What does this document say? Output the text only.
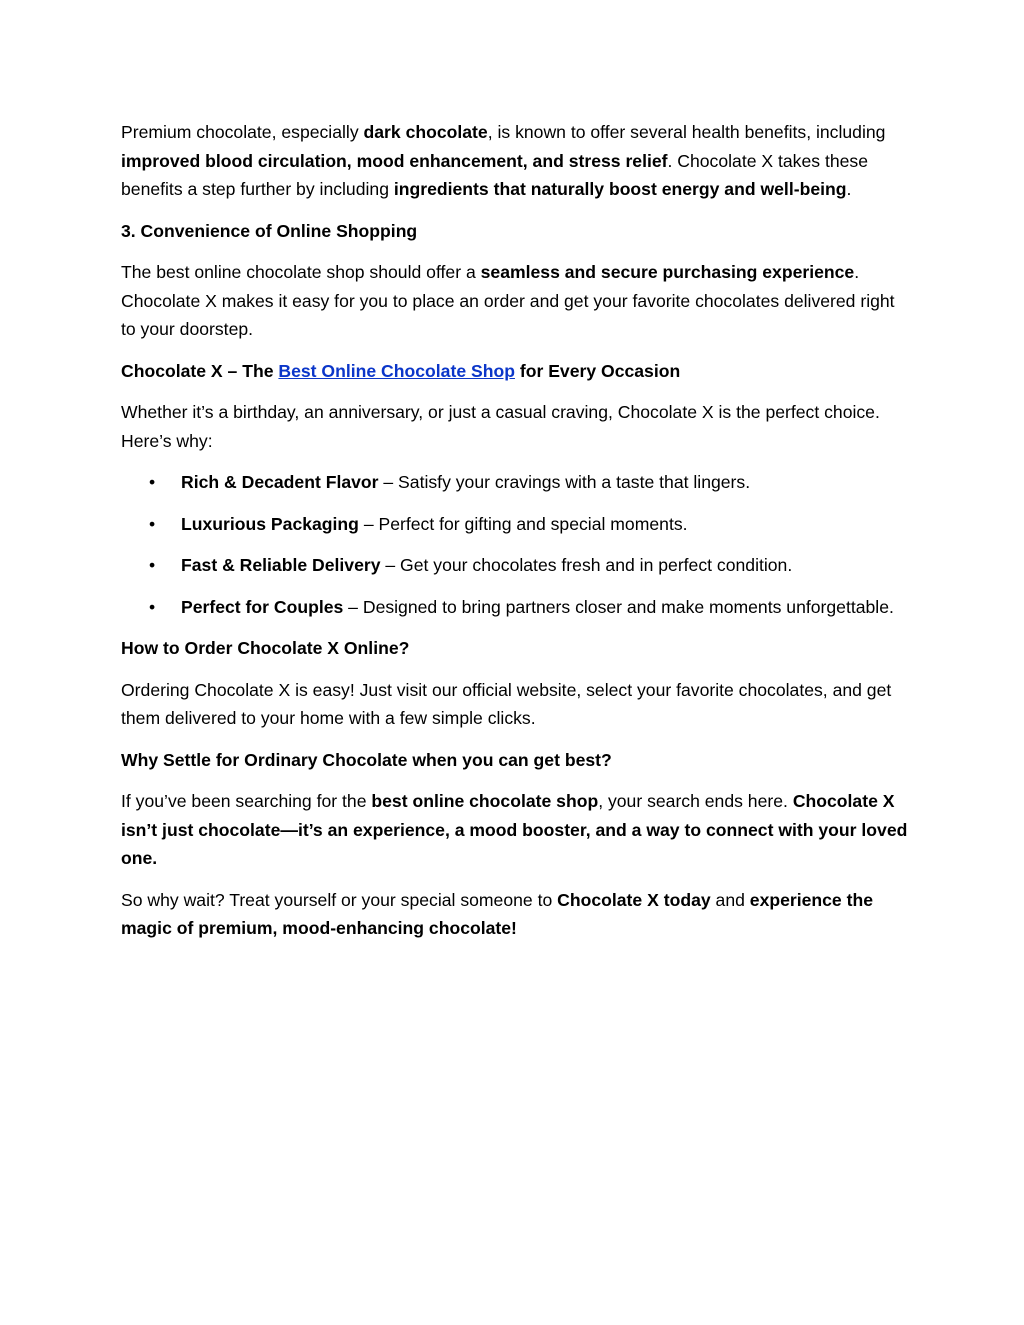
Premium chocolate, especially dark chocolate, is known to offer several health benefits, including improved blood circulation, mood enhancement, and stress relief. Chocolate X takes these benefits a step further by including ingredients that naturally boost energy and well-being.

3. Convenience of Online Shopping

The best online chocolate shop should offer a seamless and secure purchasing experience. Chocolate X makes it easy for you to place an order and get your favorite chocolates delivered right to your doorstep.

Chocolate X – The Best Online Chocolate Shop for Every Occasion

Whether it’s a birthday, an anniversary, or just a casual craving, Chocolate X is the perfect choice. Here’s why:

• Rich & Decadent Flavor – Satisfy your cravings with a taste that lingers.
• Luxurious Packaging – Perfect for gifting and special moments.
• Fast & Reliable Delivery – Get your chocolates fresh and in perfect condition.
• Perfect for Couples – Designed to bring partners closer and make moments unforgettable.

How to Order Chocolate X Online?

Ordering Chocolate X is easy! Just visit our official website, select your favorite chocolates, and get them delivered to your home with a few simple clicks.

Why Settle for Ordinary Chocolate when you can get best?

If you’ve been searching for the best online chocolate shop, your search ends here. Chocolate X isn’t just chocolate—it’s an experience, a mood booster, and a way to connect with your loved one.

So why wait? Treat yourself or your special someone to Chocolate X today and experience the magic of premium, mood-enhancing chocolate!
